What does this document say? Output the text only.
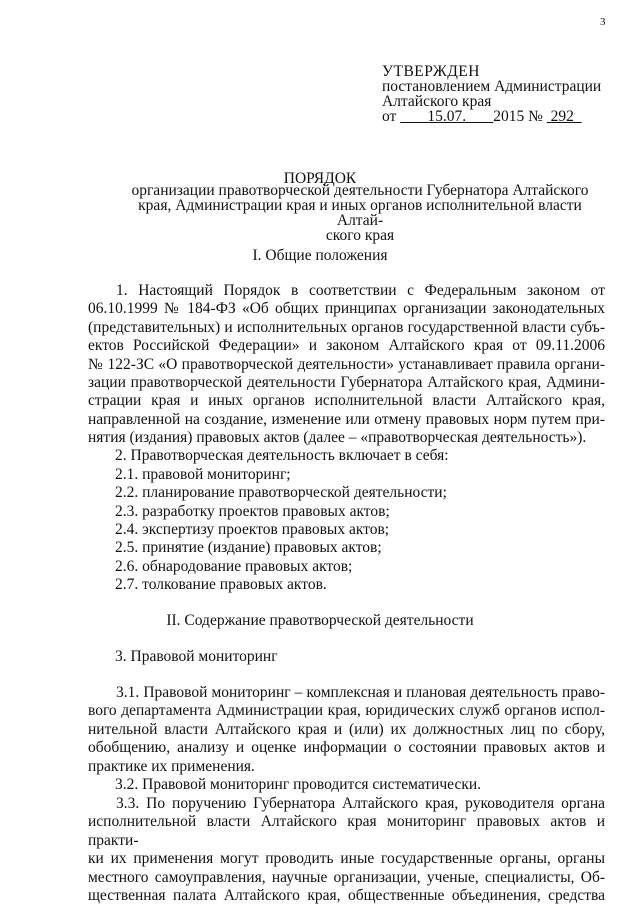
3
УТВЕРЖДЕН
постановлением Администрации
Алтайского края
от 15.07. 2015 № 292
ПОРЯДОК
организации правотворческой деятельности Губернатора Алтайского
края, Администрации края и иных органов исполнительной власти Алтай-
ского края
I. Общие положения

1. Настоящий Порядок в соответствии с Федеральным законом от

06.10.1999 № 184-ФЗ «Об общих принципах организации законодательных

(представительных) и исполнительных органов государственной власти субъ-

ектов Российской Федерации» и законом Алтайского края от 09.11.2006

№ 122-ЗС «О правотворческой деятельности» устанавливает правила органи-

зации правотворческой деятельности Губернатора Алтайского края, Админи-

страции края и иных органов исполнительной власти Алтайского края,

направленной на создание, изменение или отмену правовых норм путем при-

нятия (издания) правовых актов (далее – «правотворческая деятельность»).

2. Правотворческая деятельность включает в себя:
2.1. правовой мониторинг;
2.2. планирование правотворческой деятельности;
2.3. разработку проектов правовых актов;
2.4. экспертизу проектов правовых актов;
2.5. принятие (издание) правовых актов;
2.6. обнародование правовых актов;
2.7. толкование правовых актов.
II. Содержание правотворческой деятельности
3. Правовой мониторинг

3.1. Правовой мониторинг – комплексная и плановая деятельность право-

вого департамента Администрации края, юридических служб органов испол-

нительной власти Алтайского края и (или) их должностных лиц по сбору,

обобщению, анализу и оценке информации о состоянии правовых актов и

практике их применения.

3.2. Правовой мониторинг проводится систематически.

3.3. По поручению Губернатора Алтайского края, руководителя органа

исполнительной власти Алтайского края мониторинг правовых актов и практи-

ки их применения могут проводить иные государственные органы, органы

местного самоуправления, научные организации, ученые, специалисты, Об-

щественная палата Алтайского края, общественные объединения, средства
